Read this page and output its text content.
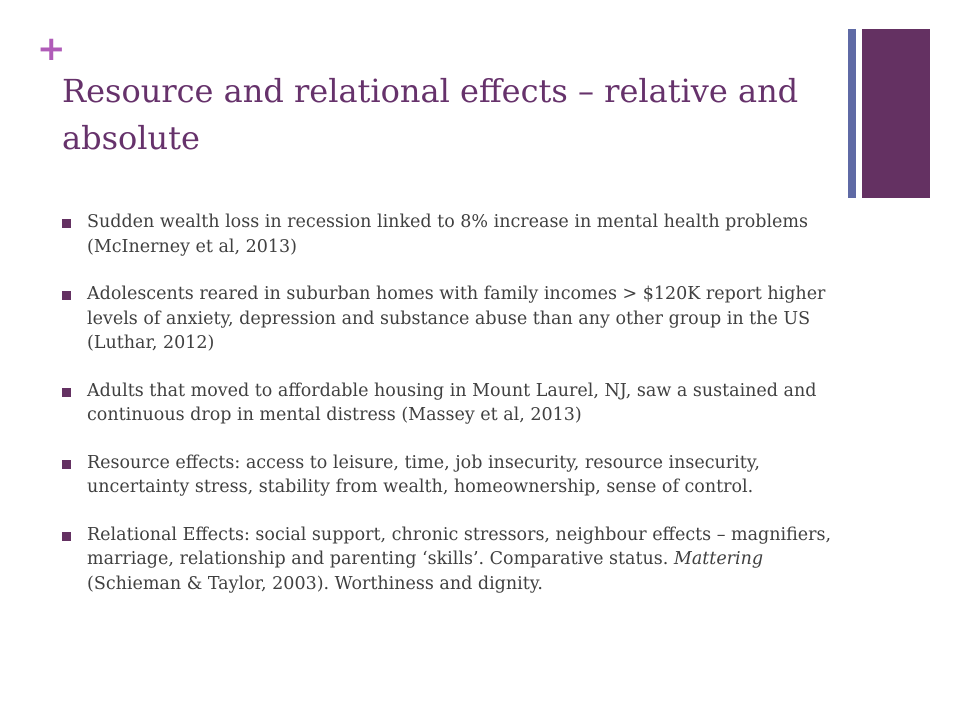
+
Resource and relational effects – relative and absolute
Sudden wealth loss in recession linked to 8% increase in mental health problems (McInerney et al, 2013)
Adolescents reared in suburban homes with family incomes > $120K report higher levels of anxiety, depression and substance abuse than any other group in the US (Luthar, 2012)
Adults that moved to affordable housing in Mount Laurel, NJ, saw a sustained and continuous drop in mental distress (Massey et al, 2013)
Resource effects: access to leisure, time, job insecurity, resource insecurity, uncertainty stress, stability from wealth, homeownership, sense of control.
Relational Effects: social support, chronic stressors, neighbour effects – magnifiers, marriage, relationship and parenting ‘skills’. Comparative status. Mattering (Schieman & Taylor, 2003). Worthiness and dignity.
